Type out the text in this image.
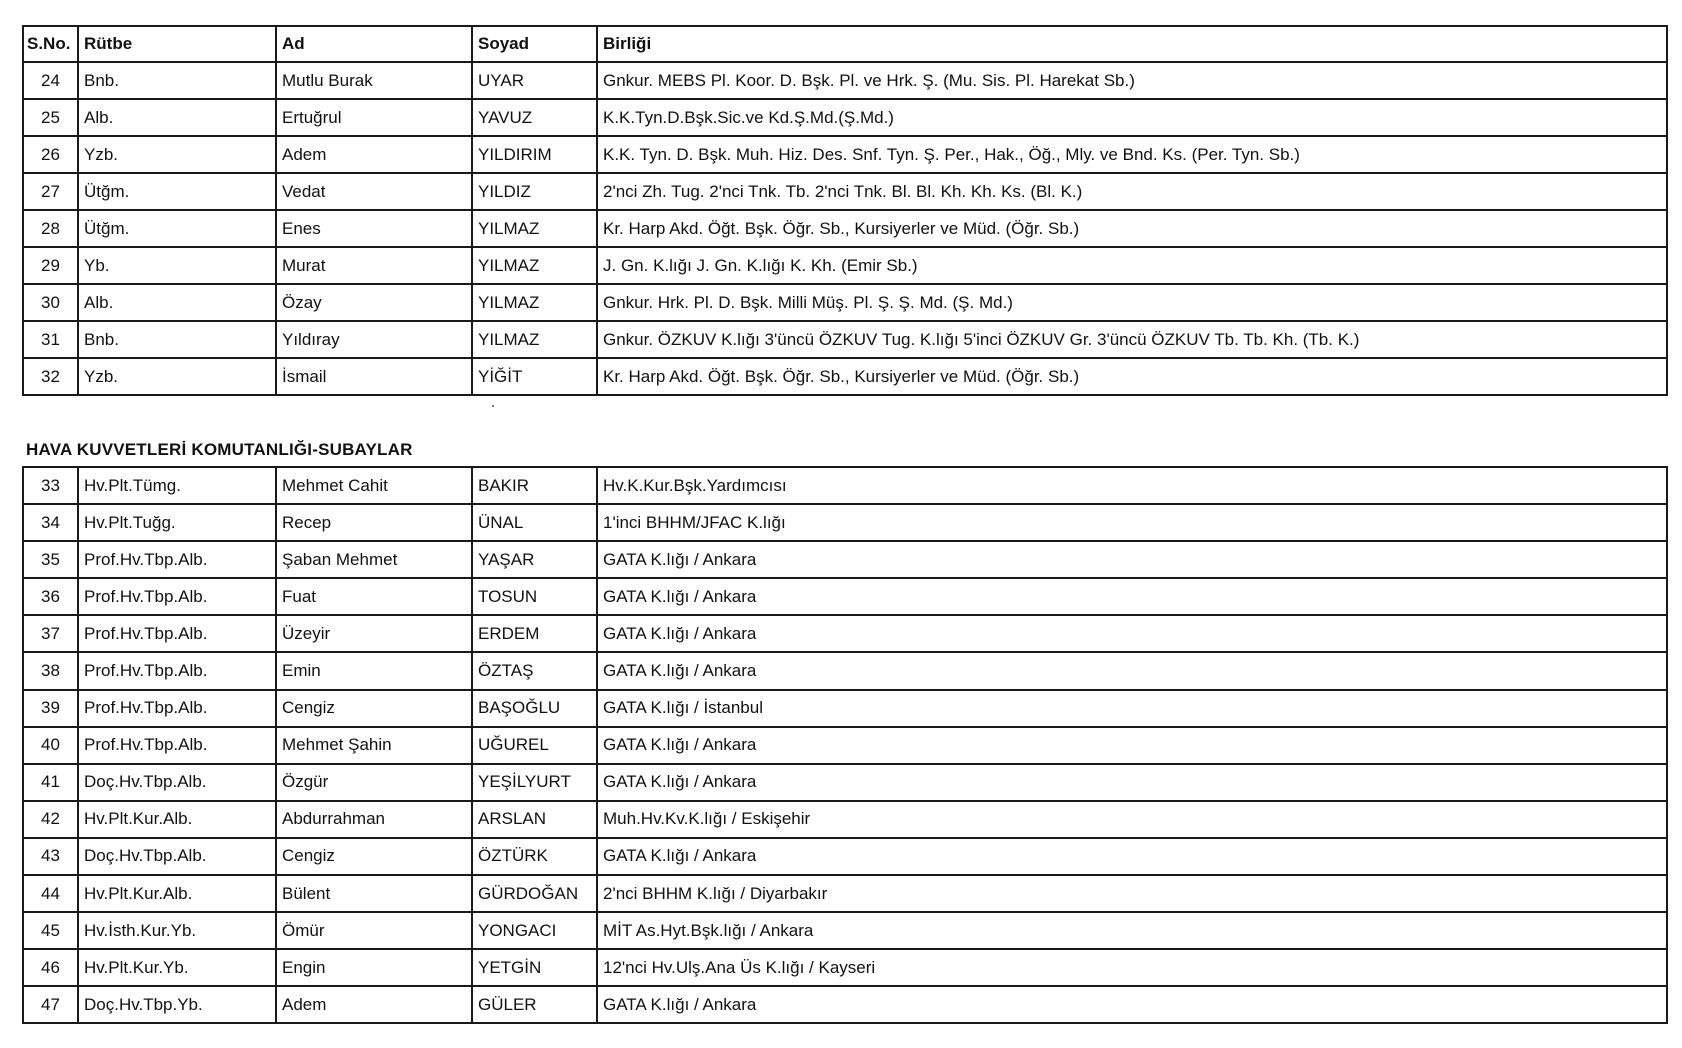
S.No.	Rütbe	Ad	Soyad	Birliği
24	Bnb.	Mutlu Burak	UYAR	Gnkur. MEBS Pl. Koor. D. Bşk. Pl. ve Hrk. Ş. (Mu. Sis. Pl. Harekat Sb.)
25	Alb.	Ertuğrul	YAVUZ	K.K.Tyn.D.Bşk.Sic.ve Kd.Ş.Md.(Ş.Md.)
26	Yzb.	Adem	YILDIRIM	K.K. Tyn. D. Bşk. Muh. Hiz. Des. Snf. Tyn. Ş. Per., Hak., Öğ., Mly. ve Bnd. Ks. (Per. Tyn. Sb.)
27	Ütğm.	Vedat	YILDIZ	2'nci Zh. Tug. 2'nci Tnk. Tb. 2'nci Tnk. Bl. Bl. Kh. Kh. Ks. (Bl. K.)
28	Ütğm.	Enes	YILMAZ	Kr. Harp Akd. Öğt. Bşk. Öğr. Sb., Kursiyerler ve Müd. (Öğr. Sb.)
29	Yb.	Murat	YILMAZ	J. Gn. K.lığı J. Gn. K.lığı K. Kh. (Emir Sb.)
30	Alb.	Özay	YILMAZ	Gnkur. Hrk. Pl. D. Bşk. Milli Müş. Pl. Ş. Ş. Md. (Ş. Md.)
31	Bnb.	Yıldıray	YILMAZ	Gnkur. ÖZKUV K.lığı 3'üncü ÖZKUV Tug. K.lığı 5'inci ÖZKUV Gr. 3'üncü ÖZKUV Tb. Tb. Kh. (Tb. K.)
32	Yzb.	İsmail	YİĞİT	Kr. Harp Akd. Öğt. Bşk. Öğr. Sb., Kursiyerler ve Müd. (Öğr. Sb.)
HAVA KUVVETLERİ KOMUTANLIĞI-SUBAYLAR
33	Hv.Plt.Tümg.	Mehmet Cahit	BAKIR	Hv.K.Kur.Bşk.Yardımcısı
34	Hv.Plt.Tuğg.	Recep	ÜNAL	1'inci BHHM/JFAC K.lığı
35	Prof.Hv.Tbp.Alb.	Şaban Mehmet	YAŞAR	GATA K.lığı / Ankara
36	Prof.Hv.Tbp.Alb.	Fuat	TOSUN	GATA K.lığı / Ankara
37	Prof.Hv.Tbp.Alb.	Üzeyir	ERDEM	GATA K.lığı / Ankara
38	Prof.Hv.Tbp.Alb.	Emin	ÖZTAŞ	GATA K.lığı / Ankara
39	Prof.Hv.Tbp.Alb.	Cengiz	BAŞOĞLU	GATA K.lığı / İstanbul
40	Prof.Hv.Tbp.Alb.	Mehmet Şahin	UĞUREL	GATA K.lığı / Ankara
41	Doç.Hv.Tbp.Alb.	Özgür	YEŞİLYURT	GATA K.lığı / Ankara
42	Hv.Plt.Kur.Alb.	Abdurrahman	ARSLAN	Muh.Hv.Kv.K.lığı / Eskişehir
43	Doç.Hv.Tbp.Alb.	Cengiz	ÖZTÜRK	GATA K.lığı / Ankara
44	Hv.Plt.Kur.Alb.	Bülent	GÜRDOĞAN	2'nci BHHM K.lığı / Diyarbakır
45	Hv.İsth.Kur.Yb.	Ömür	YONGACI	MİT As.Hyt.Bşk.lığı / Ankara
46	Hv.Plt.Kur.Yb.	Engin	YETGİN	12'nci Hv.Ulş.Ana Üs K.lığı / Kayseri
47	Doç.Hv.Tbp.Yb.	Adem	GÜLER	GATA K.lığı / Ankara
